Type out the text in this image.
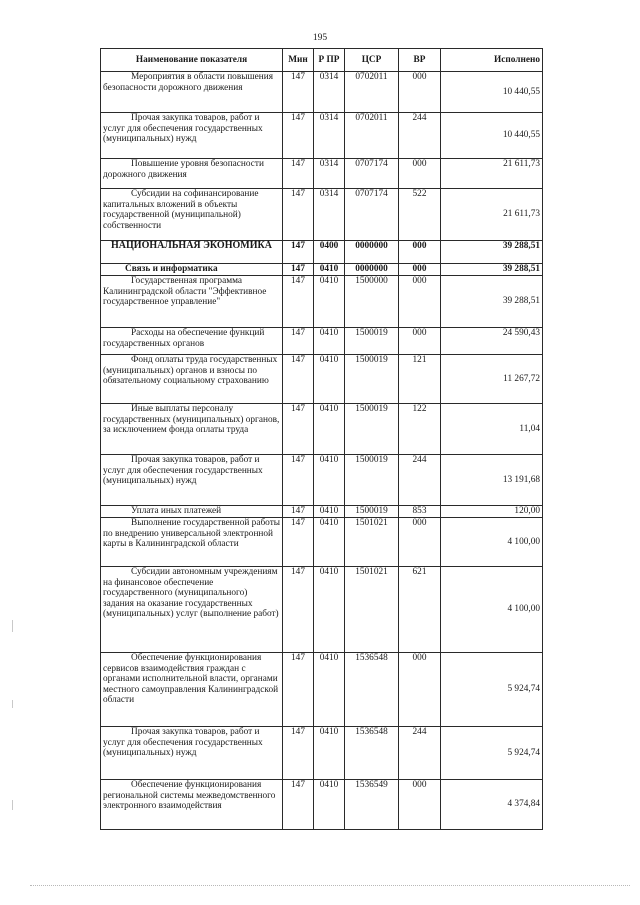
195
Наименование показателя	Мин	Р ПР	ЦСР	ВР	Исполнено

Мероприятия в области повышения безопасности дорожного движения	147	0314	0702011	000	10 440,55

Прочая закупка товаров, работ и услуг для обеспечения государственных (муниципальных) нужд	147	0314	0702011	244	10 440,55

Повышение уровня безопасности дорожного движения	147	0314	0707174	000	21 611,73

Субсидии на софинансирование капитальных вложений в объекты государственной (муниципальной) собственности	147	0314	0707174	522	21 611,73
НАЦИОНАЛЬНАЯ ЭКОНОМИКА	147	0400	0000000	000	39 288,51
Связь и информатика	147	0410	0000000	000	39 288,51

Государственная программа Калининградской области "Эффективное государственное управление"	147	0410	1500000	000	39 288,51

Расходы на обеспечение функций государственных органов	147	0410	1500019	000	24 590,43

Фонд оплаты труда государственных (муниципальных) органов и взносы по обязательному социальному страхованию	147	0410	1500019	121	11 267,72

Иные выплаты персоналу государственных (муниципальных) органов, за исключением фонда оплаты труда	147	0410	1500019	122	11,04

Прочая закупка товаров, работ и услуг для обеспечения государственных (муниципальных) нужд	147	0410	1500019	244	13 191,68

Уплата иных платежей	147	0410	1500019	853	120,00

Выполнение государственной работы по внедрению универсальной электронной карты в Калининградской области	147	0410	1501021	000	4 100,00

Субсидии автономным учреждениям на финансовое обеспечение государственного (муниципального) задания на оказание государственных (муниципальных) услуг (выполнение работ)	147	0410	1501021	621	4 100,00

Обеспечение функционирования сервисов взаимодействия граждан с органами исполнительной власти, органами местного самоуправления Калининградской области	147	0410	1536548	000	5 924,74

Прочая закупка товаров, работ и услуг для обеспечения государственных (муниципальных) нужд	147	0410	1536548	244	5 924,74

Обеспечение функционирования региональной системы межведомственного электронного взаимодействия	147	0410	1536549	000	4 374,84
